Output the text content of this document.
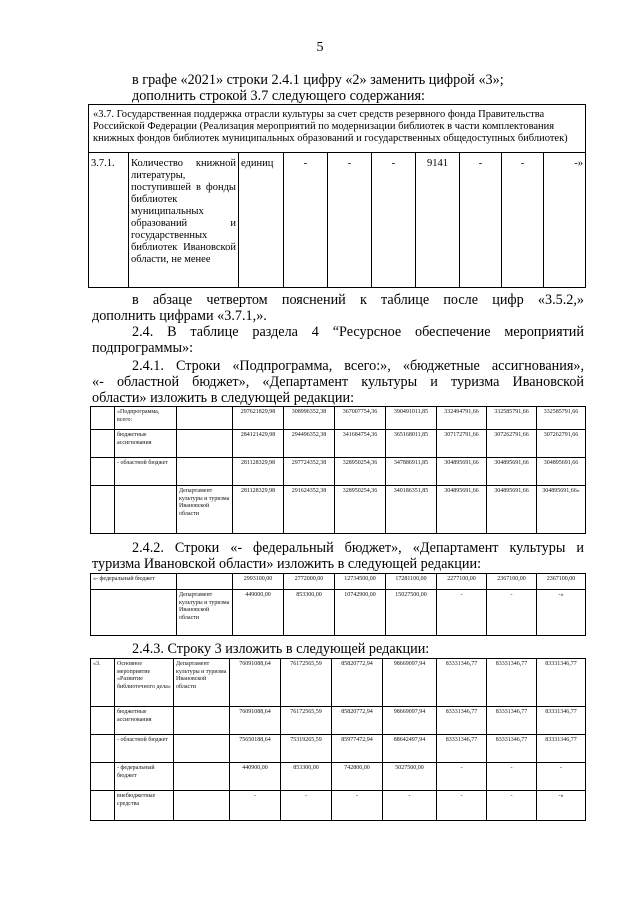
5
в графе «2021» строки 2.4.1 цифру «2» заменить цифрой «3»;
дополнить строкой 3.7 следующего содержания:
«3.7. Государственная поддержка отрасли культуры за счет средств резервного фонда Правительства Российской Федерации (Реализация мероприятий по модернизации библиотек в части комплектования книжных фондов библиотек муниципальных образований и государственных общедоступных библиотек)
3.7.1.	Количество книжной литературы, поступившей в фонды библиотек муниципальных образований и государственных библиотек Ивановской области, не менее	единиц	-	-	-	9141	-	-	-»
в абзаце четвертом пояснений к таблице после цифр «3.5.2,»
дополнить цифрами «3.7.1,».
2.4. В таблице раздела 4 “Ресурсное обеспечение мероприятий
подпрограммы»:
2.4.1. Строки «Подпрограмма, всего:», «бюджетные ассигнования»,
«- областной бюджет», «Департамент культуры и туризма Ивановской
области» изложить в следующей редакции:
	«Подпрограмма, всего:		297621829,98	308996352,38	367007754,36	390491011,85	332494791,66	332585791,66	332585791,66
	бюджетные ассигнования		284121429,98	294496352,38	341684754,36	365168011,85	307172791,66	307262791,66	307262791,66
	- областной бюджет		281128329,98	297724352,38	328950254,36	347886911,85	304895691,66	304895691,66	304895691,66
		Департамент культуры и туризма Ивановской области	281128329,98	291624352,38	328950254,36	340186351,85	304895691,66	304895691,66	304895691,66»
2.4.2. Строки «- федеральный бюджет», «Департамент культуры и
туризма Ивановской области» изложить в следующей редакции:
«- федеральный бюджет		2993100,00	2772000,00	12734500,00	17281100,00	2277100,00	2367100,00	2367100,00
	Департамент культуры и туризма Ивановской области	449000,00	853300,00	10742900,00	15027500,00	-	-	-»
2.4.3. Строку 3 изложить в следующей редакции:
«3.	Основное мероприятие «Развитие библиотечного дела»	Департамент культуры и туризма Ивановской области	76091088,64	76172565,59	85820772,94	98669097,94	83331346,77	83331346,77	83331346,77
	бюджетные ассигнования		76091088,64	76172565,59	85820772,94	98669097,94	83331346,77	83331346,77	83331346,77
	- областной бюджет		75650188,64	75319265,59	85977472,94	88642497,94	83331346,77	83331346,77	83331346,77
	- федеральный бюджет		440900,00	853300,00	742800,00	5027500,00	-	-	-
	внебюджетные средства		-	-	-	-	-	-	-»
